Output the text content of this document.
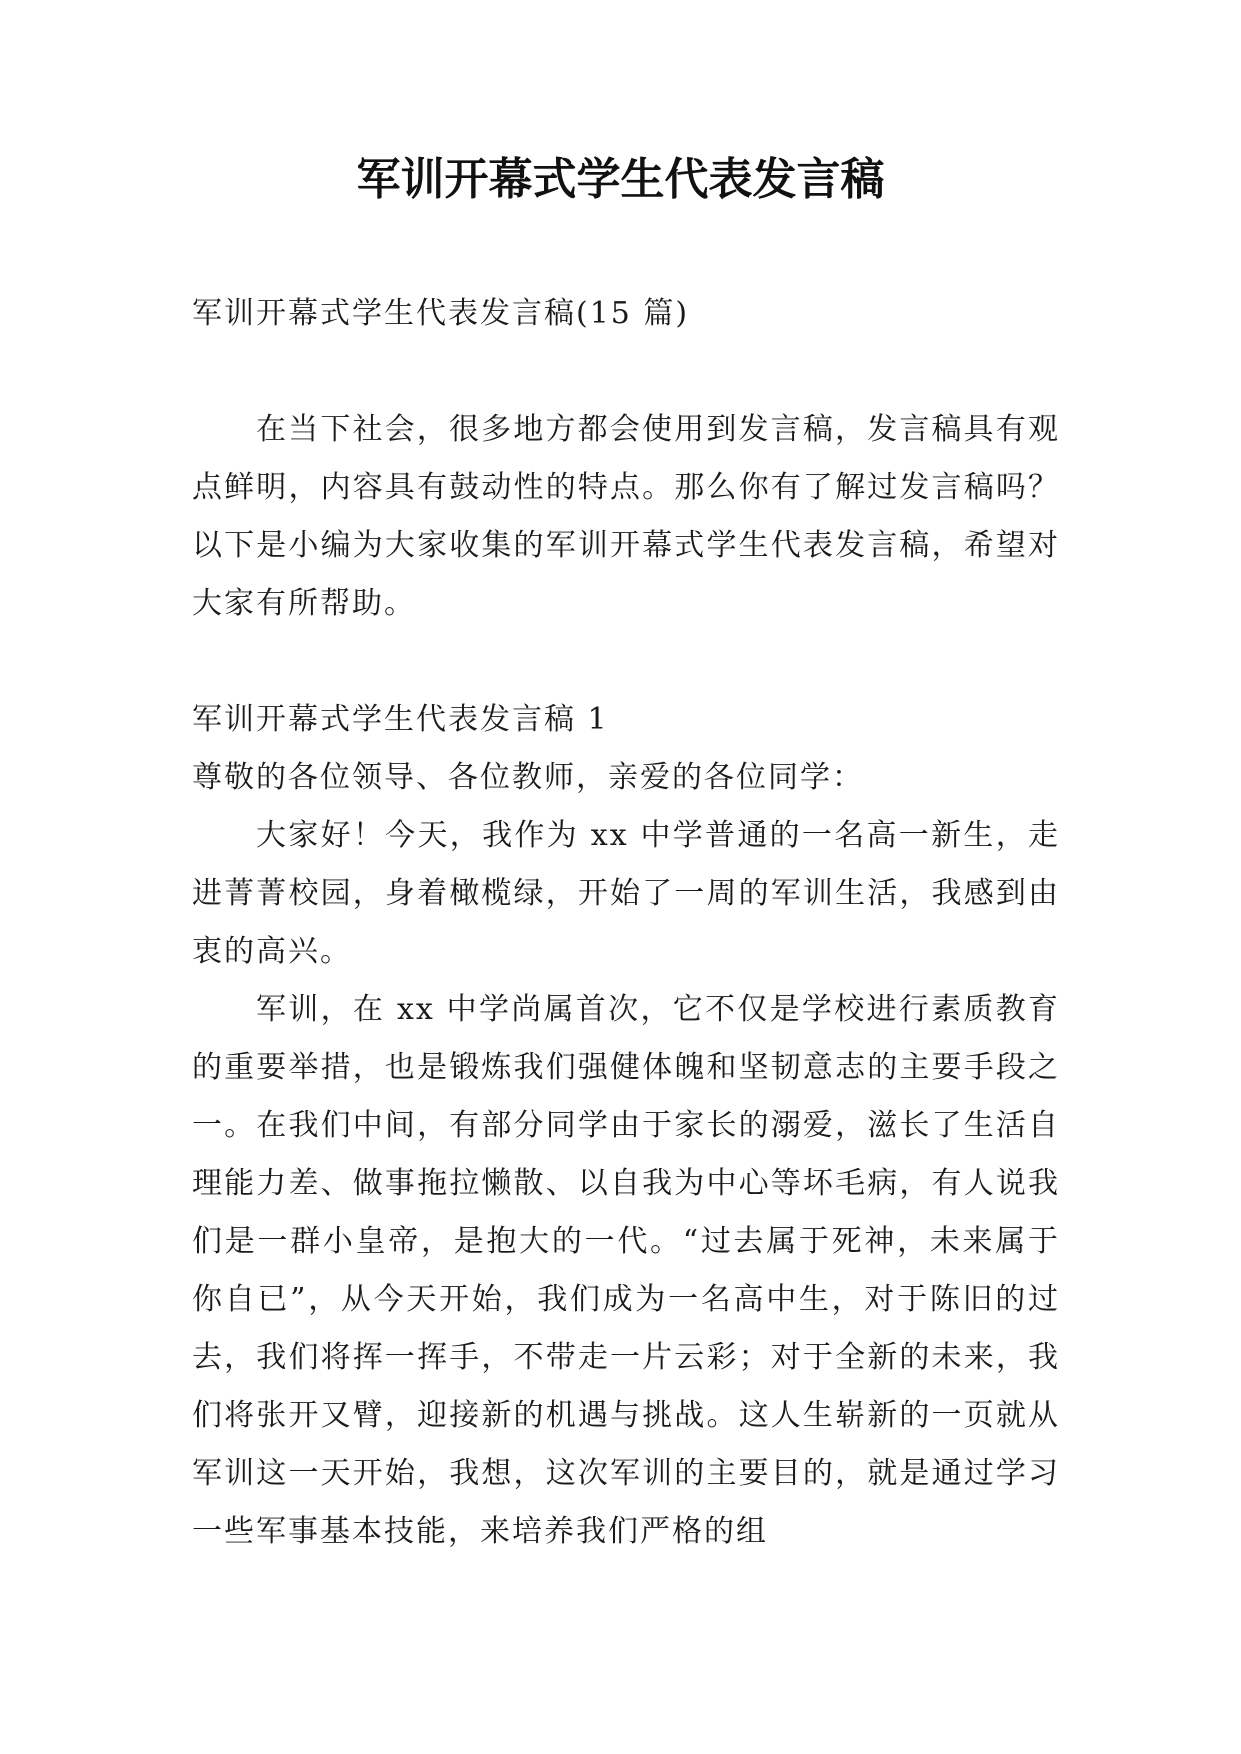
军训开幕式学生代表发言稿

军训开幕式学生代表发言稿(15 篇)

在当下社会，很多地方都会使用到发言稿，发言稿具有观点鲜明，内容具有鼓动性的特点。那么你有了解过发言稿吗？以下是小编为大家收集的军训开幕式学生代表发言稿，希望对大家有所帮助。

军训开幕式学生代表发言稿 1

尊敬的各位领导、各位教师，亲爱的各位同学：

大家好！今天，我作为 xx 中学普通的一名高一新生，走进菁菁校园，身着橄榄绿，开始了一周的军训生活，我感到由衷的高兴。

军训，在 xx 中学尚属首次，它不仅是学校进行素质教育的重要举措，也是锻炼我们强健体魄和坚韧意志的主要手段之一。在我们中间，有部分同学由于家长的溺爱，滋长了生活自理能力差、做事拖拉懒散、以自我为中心等坏毛病，有人说我们是一群小皇帝，是抱大的一代。“过去属于死神，未来属于你自已”，从今天开始，我们成为一名高中生，对于陈旧的过去，我们将挥一挥手，不带走一片云彩；对于全新的未来，我们将张开又臂，迎接新的机遇与挑战。这人生崭新的一页就从军训这一天开始，我想，这次军训的主要目的，就是通过学习一些军事基本技能，来培养我们严格的组
